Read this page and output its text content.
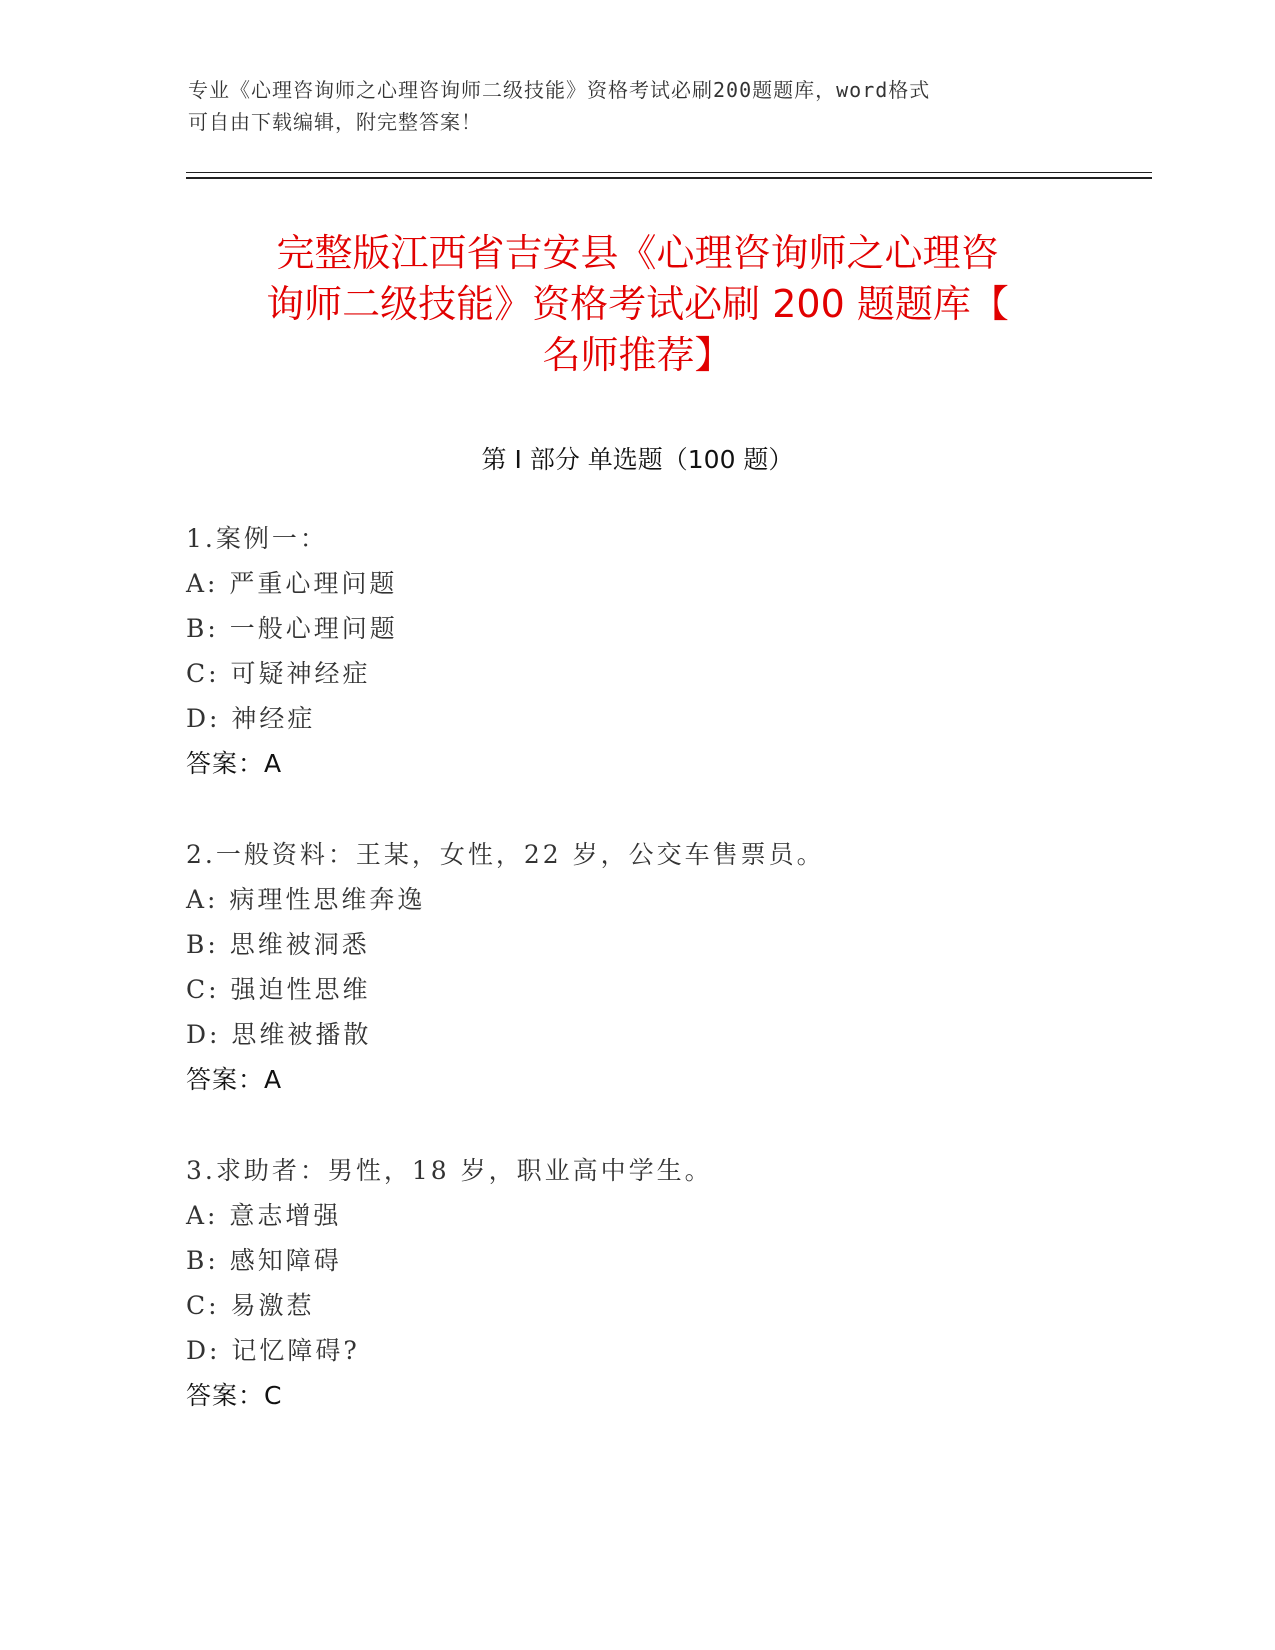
专业《心理咨询师之心理咨询师二级技能》资格考试必刷200题题库，word格式
可自由下载编辑，附完整答案！
完整版江西省吉安县《心理咨询师之心理咨
询师二级技能》资格考试必刷 200 题题库【
名师推荐】
第 I 部分 单选题（100 题）
1.案例一：
A: 严重心理问题
B: 一般心理问题
C: 可疑神经症
D: 神经症
答案：A
2.一般资料：王某，女性，22 岁，公交车售票员。
A: 病理性思维奔逸
B: 思维被洞悉
C: 强迫性思维
D: 思维被播散
答案：A
3.求助者：男性，18 岁，职业高中学生。
A: 意志增强
B: 感知障碍
C: 易激惹
D: 记忆障碍?
答案：C
